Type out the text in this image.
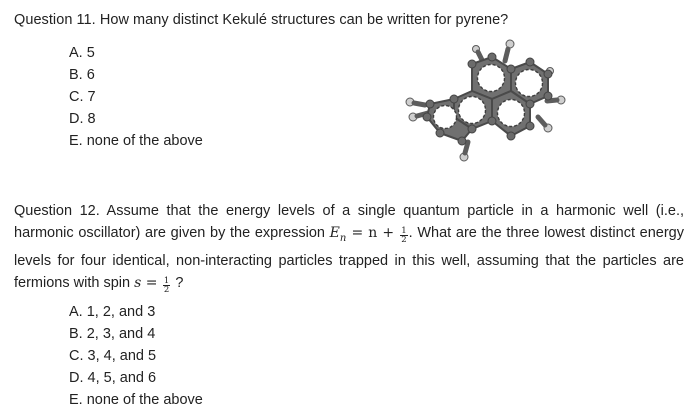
Question 11. How many distinct Kekulé structures can be written for pyrene?
A. 5
B. 6
C. 7
D. 8
E. none of the above
Question 12. Assume that the energy levels of a single quantum particle in a harmonic well (i.e., harmonic oscillator) are given by the expression $E_n = n + \frac{1}{2}$ . What are the three lowest distinct energy levels for four identical, non-interacting particles trapped in this well, assuming that the particles are fermions with spin $s = \frac{1}{2}$ ?
A. 1, 2, and 3
B. 2, 3, and 4
C. 3, 4, and 5
D. 4, 5, and 6
E. none of the above
